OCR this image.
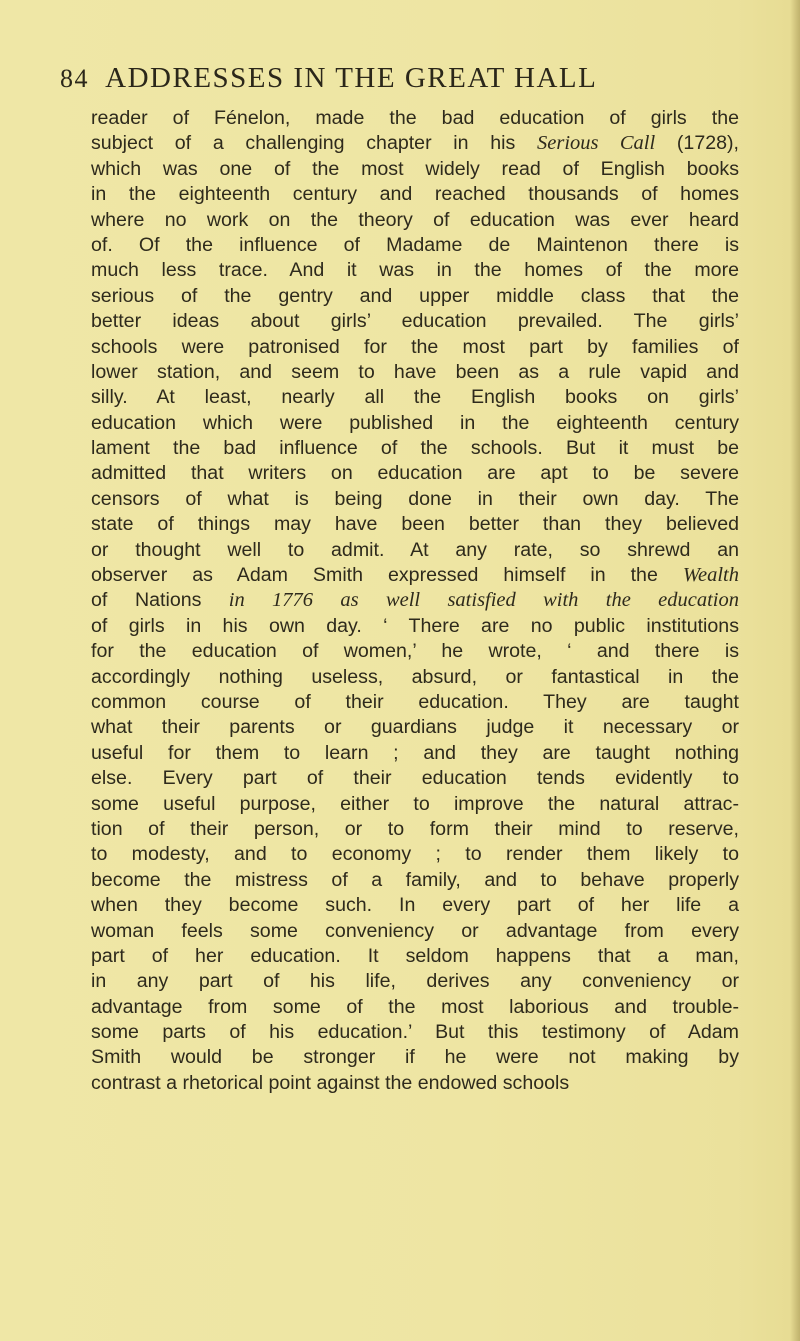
84 ADDRESSES IN THE GREAT HALL
reader of Fénelon, made the bad education of girls the
subject of a challenging chapter in his Serious Call (1728),
which was one of the most widely read of English books
in the eighteenth century and reached thousands of homes
where no work on the theory of education was ever heard
of. Of the influence of Madame de Maintenon there is
much less trace. And it was in the homes of the more
serious of the gentry and upper middle class that the
better ideas about girls’ education prevailed. The girls’
schools were patronised for the most part by families of
lower station, and seem to have been as a rule vapid and
silly. At least, nearly all the English books on girls’
education which were published in the eighteenth century
lament the bad influence of the schools. But it must be
admitted that writers on education are apt to be severe
censors of what is being done in their own day. The
state of things may have been better than they believed
or thought well to admit. At any rate, so shrewd an
observer as Adam Smith expressed himself in the Wealth
of Nations in 1776 as well satisfied with the education
of girls in his own day. ‘ There are no public institutions
for the education of women,’ he wrote, ‘ and there is
accordingly nothing useless, absurd, or fantastical in the
common course of their education. They are taught
what their parents or guardians judge it necessary or
useful for them to learn ; and they are taught nothing
else. Every part of their education tends evidently to
some useful purpose, either to improve the natural attrac-
tion of their person, or to form their mind to reserve,
to modesty, and to economy ; to render them likely to
become the mistress of a family, and to behave properly
when they become such. In every part of her life a
woman feels some conveniency or advantage from every
part of her education. It seldom happens that a man,
in any part of his life, derives any conveniency or
advantage from some of the most laborious and trouble-
some parts of his education.’ But this testimony of Adam
Smith would be stronger if he were not making by
contrast a rhetorical point against the endowed schools
